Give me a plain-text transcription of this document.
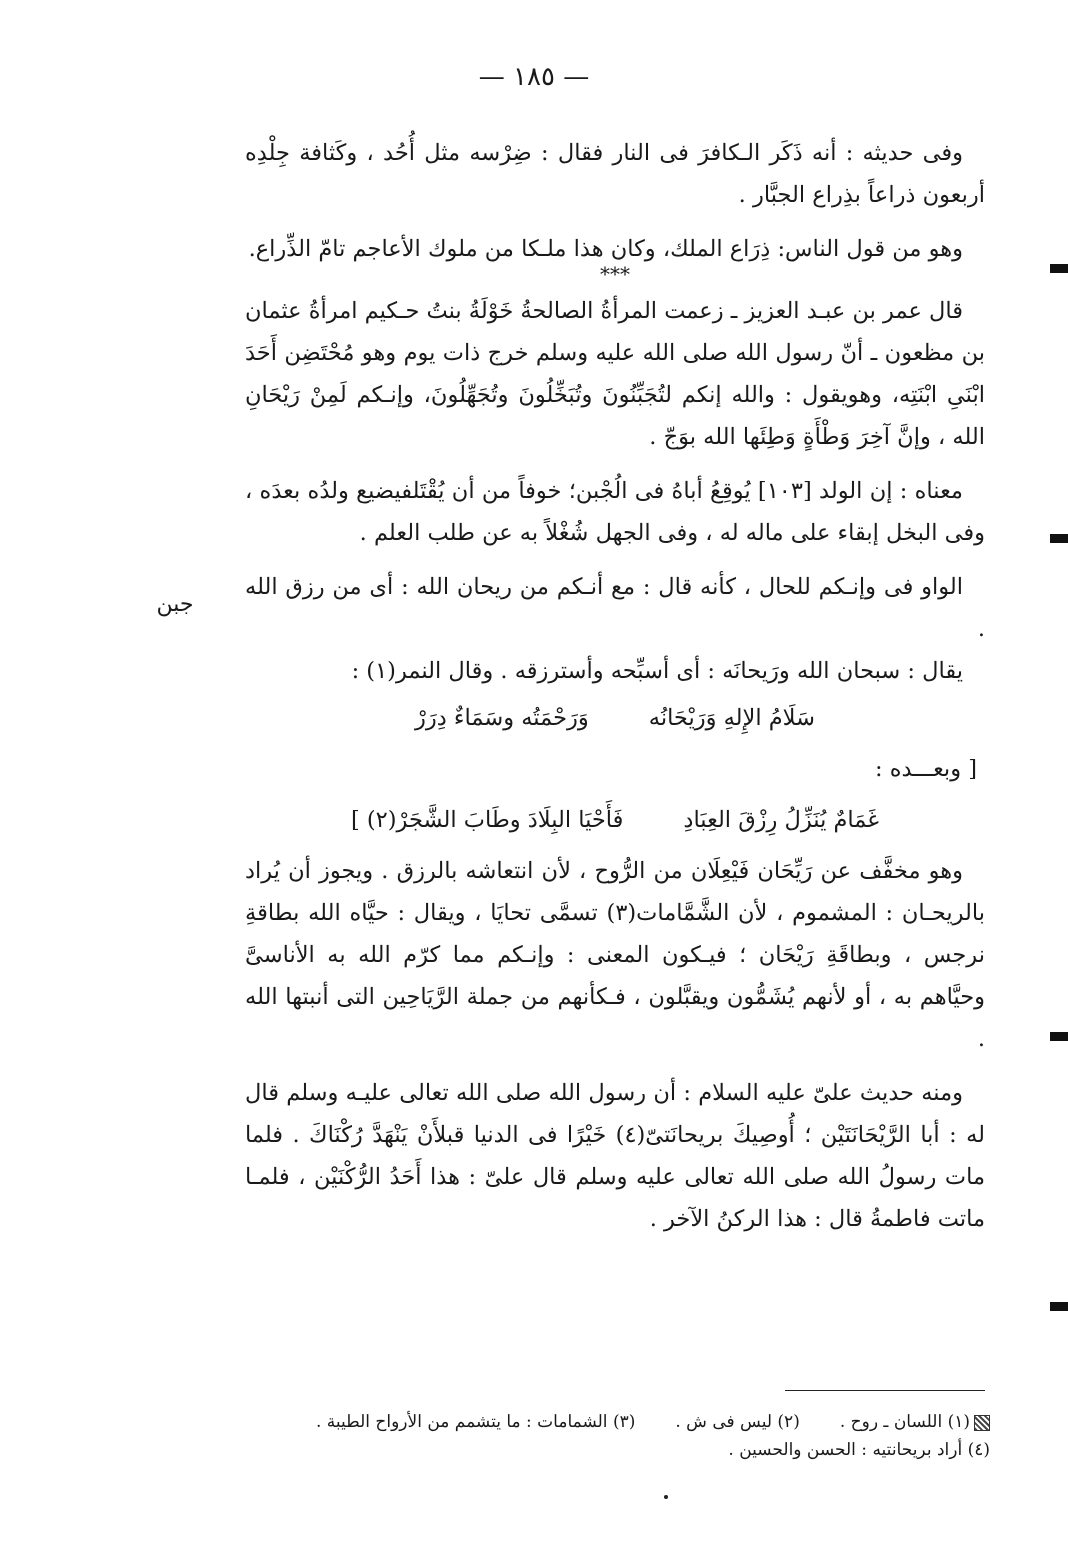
— ١٨٥ —
جبن

وفى حديثه : أنه ذَكَر الـكافرَ فى النار فقال : ضِرْسه مثل أُحُد ، وكَثافة جِلْدِه أربعون ذراعاً بذِراع الجبَّار .

وهو من قول الناس: ذِرَاع الملك، وكان هذا ملـكا من ملوك الأعاجم تامّ الذِّراع.

***

قال عمر بن عبـد العزيز ـ زعمت المرأةُ الصالحةُ خَوْلَةُ بنتُ حـكيم امرأةُ عثمان بن مظعون ـ أنّ رسول الله صلى الله عليه وسلم خرج ذات يوم وهو مُحْتَضِن أَحَدَ ابْنَىِ ابْنَتِه، وهويقول : والله إنكم لتُجَبِّنُونَ وتُبَخِّلُونَ وتُجَهِّلُونَ، وإنـكم لَمِنْ رَيْحَانِ الله ، وإنَّ آخِرَ وَطْأَةٍ وَطِئَها الله بوَجّ .

معناه : إن الولد [١٠٣] يُوقِعُ أباهُ فى الُجْبن؛ خوفاً من أن يُقْتَلفيضيع ولدُه بعدَه ، وفى البخل إبقاء على ماله له ، وفى الجهل شُغْلاً به عن طلب العلم .

الواو فى وإنـكم للحال ، كأنه قال : مع أنـكم من ريحان الله : أى من رزق الله .

يقال : سبحان الله ورَيحانَه : أى أسبِّحه وأسترزقه . وقال النمر(١) :

سَلَامُ الإِلهِ وَرَيْحَانُه
وَرَحْمَتُه وسَمَاءٌ دِرَرْ
[ وبعـــده :
غَمَامٌ يُنَزِّلُ رِزْقَ العِبَادِ
فَأَحْيَا البِلَادَ وطَابَ الشَّجَرْ(٢) ]

وهو مخفَّف عن رَيِّحَان فَيْعِلَان من الرُّوح ، لأن انتعاشه بالرزق . ويجوز أن يُراد بالريحـان : المشموم ، لأن الشَّمَّامات(٣) تسمَّى تحايَا ، ويقال : حيَّاه الله بطاقةِ نرجس ، وبطاقَةِ رَيْحَان ؛ فيـكون المعنى : وإنـكم مما كرّم الله به الأناسىَّ وحيَّاهم به ، أو لأنهم يُشَمُّون ويقبَّلون ، فـكأنهم من جملة الرَّيَاحِين التى أنبتها الله .

ومنه حديث علىّ عليه السلام : أن رسول الله صلى الله تعالى عليـه وسلم قال له : أبا الرَّيْحَانَتَيْن ؛ أُوصِيكَ بريحانَتىّ(٤) خَيْرًا فى الدنيا قبلأَنْ يَنْهَدَّ رُكْنَاكَ . فلما مات رسولُ الله صلى الله تعالى عليه وسلم قال علىّ : هذا أَحَدُ الرُّكْنَيْن ، فلمـا ماتت فاطمةُ قال : هذا الركنُ الآخر .

(١) اللسان ـ روح .
(٢) ليس فى ش .
(٣) الشمامات : ما يتشمم من الأرواح الطيبة .
(٤) أراد بريحانتيه : الحسن والحسين .
